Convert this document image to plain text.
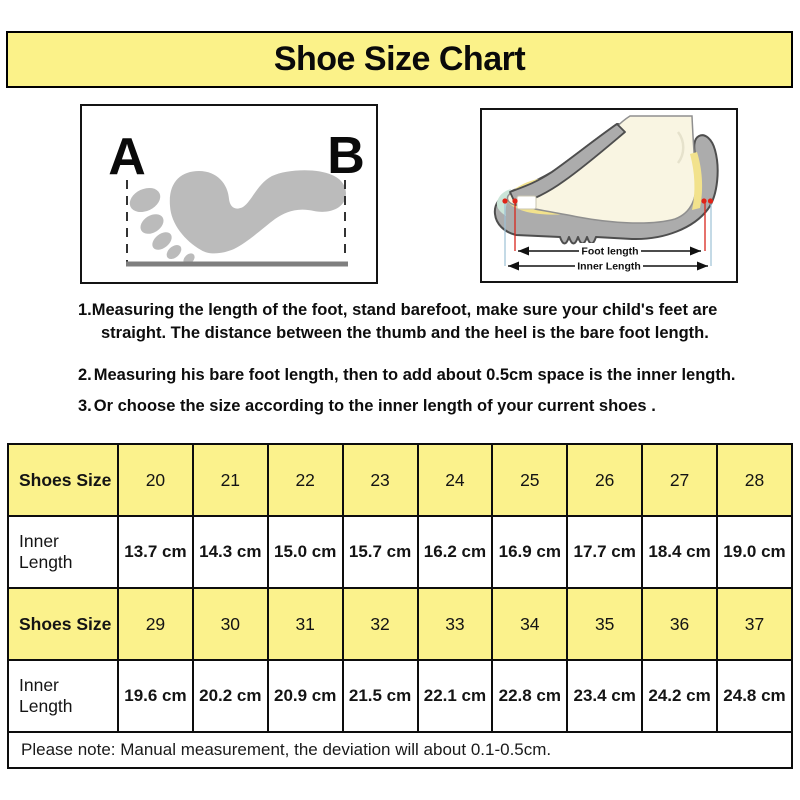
Shoe Size Chart
A	B
Foot length
Inner Length
1.Measuring the length of the foot, stand barefoot, make sure your child's feet are straight. The distance between the thumb and the heel is the bare foot length.
2. Measuring his bare foot length, then to add about 0.5cm space is the inner length.
3. Or choose the size according to the inner length of your current shoes .
Shoes Size	20	21	22	23	24	25	26	27	28
Inner Length	13.7 cm	14.3 cm	15.0 cm	15.7 cm	16.2 cm	16.9 cm	17.7 cm	18.4 cm	19.0 cm
Shoes Size	29	30	31	32	33	34	35	36	37
Inner Length	19.6 cm	20.2 cm	20.9 cm	21.5 cm	22.1 cm	22.8 cm	23.4 cm	24.2 cm	24.8 cm
Please note: Manual measurement, the deviation will about 0.1-0.5cm.									
